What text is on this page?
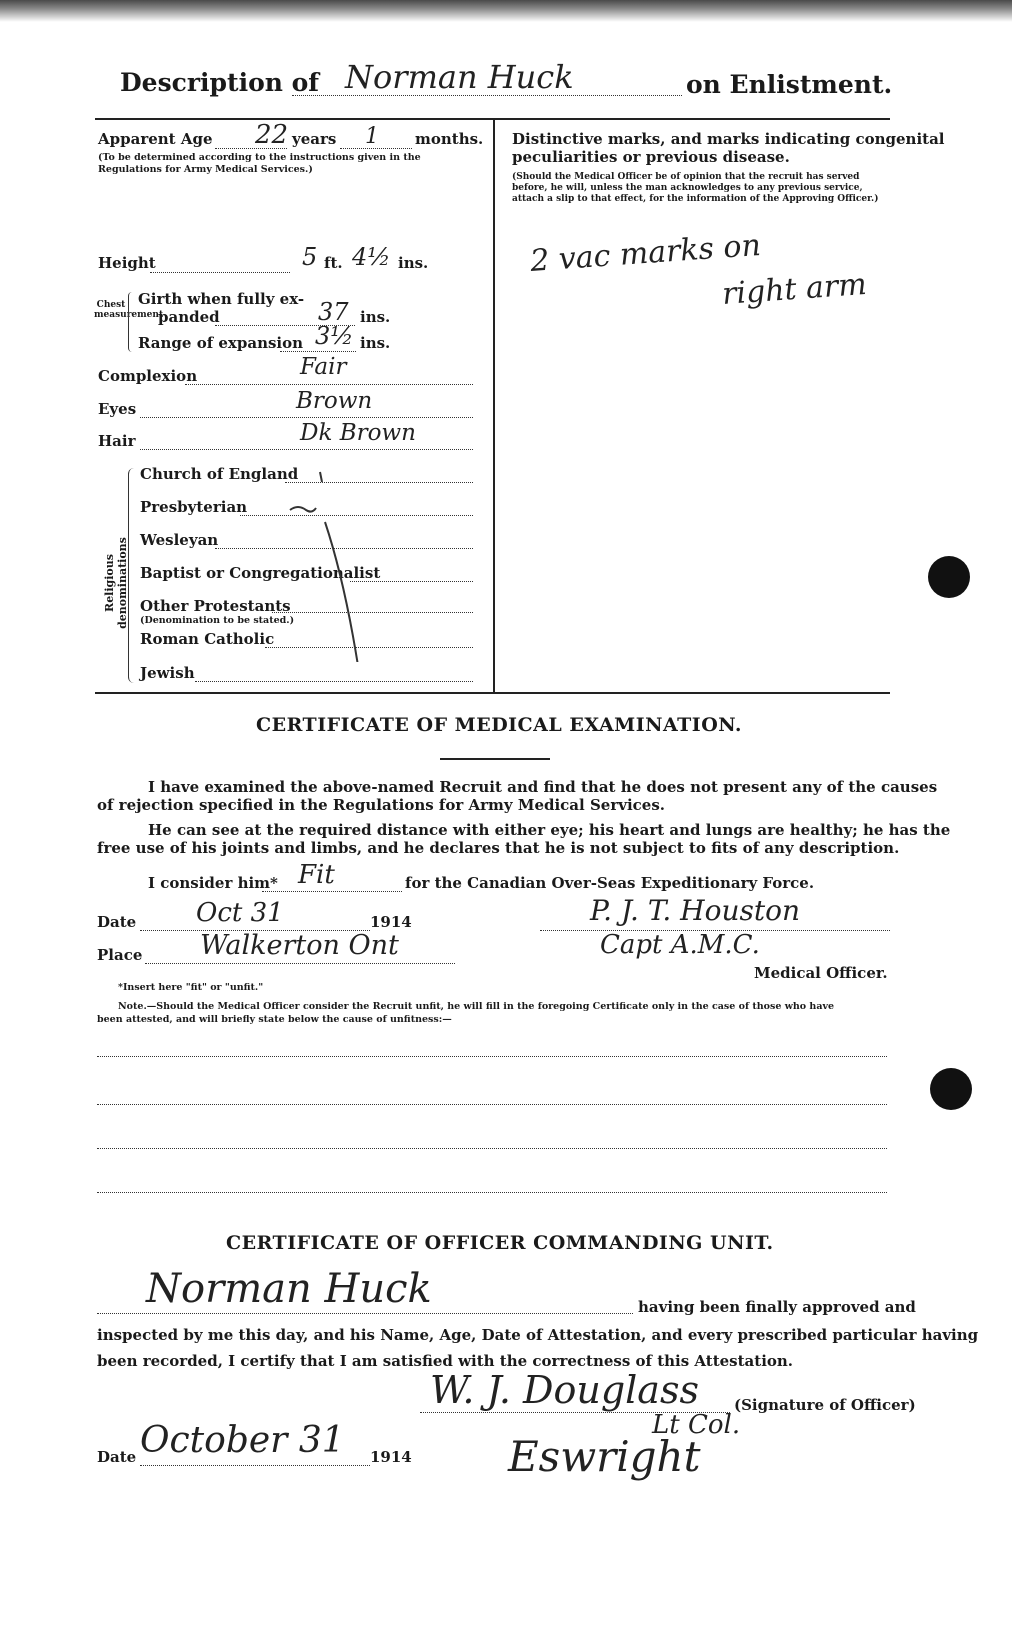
Description of Norman Huck	on Enlistment.
Apparent Age 22 years 1 months.
(To be determined according to the instructions given in the Regulations for Army Medical Services.)
Height	5 ft. 4½ ins.
Chest measurement
Girth when fully ex-
panded	37 ins.
Range of expansion 3½ ins.
Complexion	Fair
Eyes	Brown
Hair	Dk Brown
Religious denominations
Church of England
Presbyterian
Wesleyan
Baptist or Congregationalist
Other Protestants
(Denomination to be stated.)
Roman Catholic
Jewish
Distinctive marks, and marks indicating congenital
peculiarities or previous disease.
(Should the Medical Officer be of opinion that the recruit has served before, he will, unless the man acknowledges to any previous service, attach a slip to that effect, for the information of the Approving Officer.)
2 vac marks on
right arm
CERTIFICATE OF MEDICAL EXAMINATION.
I have examined the above-named Recruit and find that he does not present any of the causes
of rejection specified in the Regulations for Army Medical Services.
He can see at the required distance with either eye; his heart and lungs are healthy; he has the
free use of his joints and limbs, and he declares that he is not subject to fits of any description.
I consider him* Fit	for the Canadian Over-Seas Expeditionary Force.
Date Oct 31	1914	P. J. T. Houston
Place Walkerton Ont	Capt A.M.C.
Medical Officer.
*Insert here "fit" or "unfit."
Note.—Should the Medical Officer consider the Recruit unfit, he will fill in the foregoing Certificate only in the case of those who have
been attested, and will briefly state below the cause of unfitness:—
CERTIFICATE OF OFFICER COMMANDING UNIT.
Norman Huck	having been finally approved and
inspected by me this day, and his Name, Age, Date of Attestation, and every prescribed particular having
been recorded, I certify that I am satisfied with the correctness of this Attestation.
W. J. Douglass (Signature of Officer)
Lt Col.
Date October 31 1914 Eswright
